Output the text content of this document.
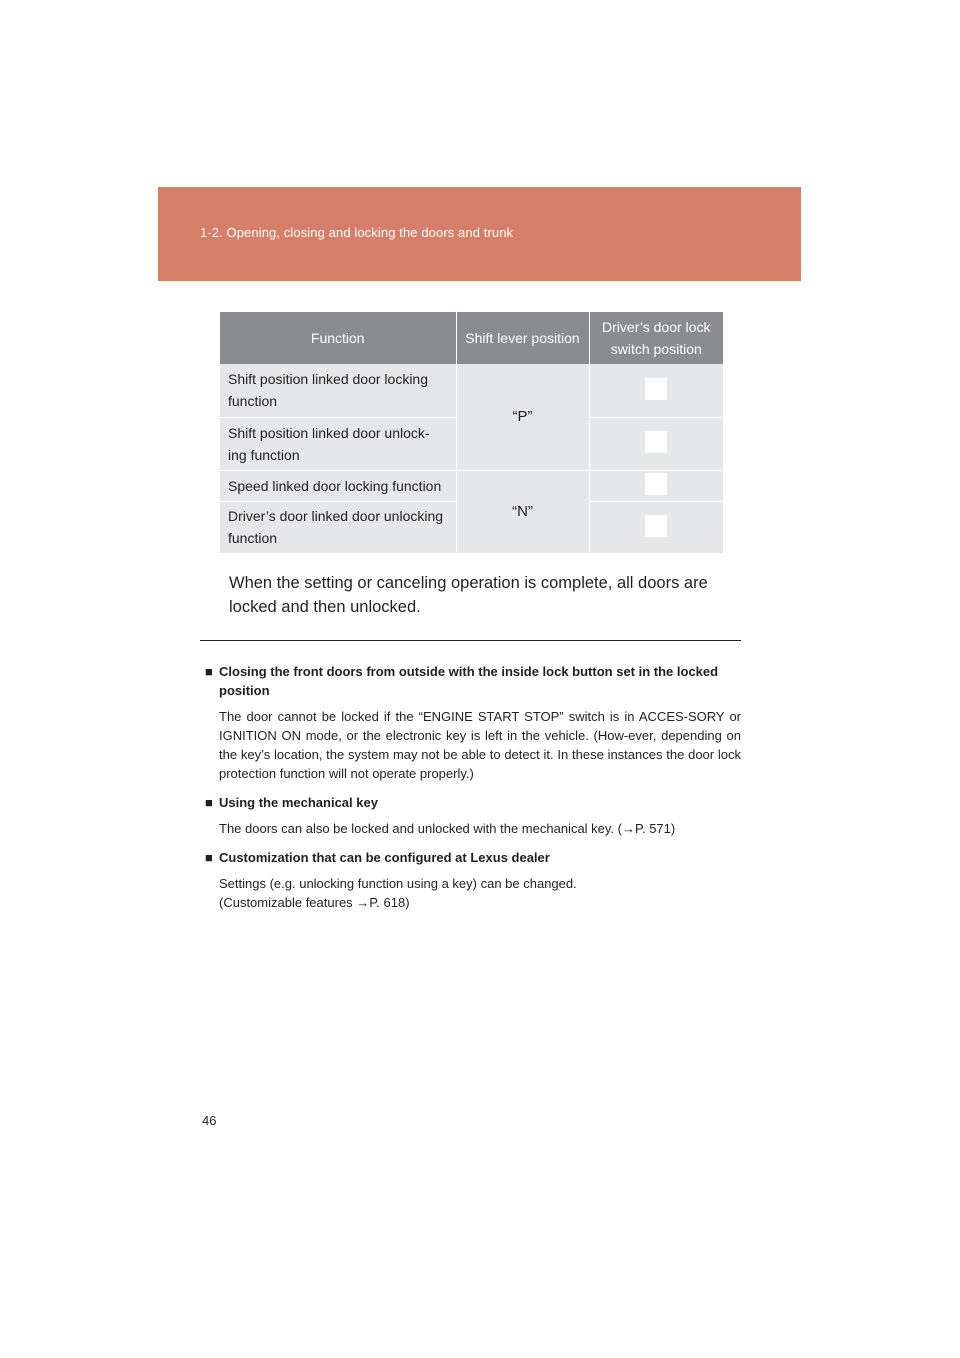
1-2. Opening, closing and locking the doors and trunk
Function	Shift lever position	Driver’s door lock switch position
Shift position linked door locking function	“P”	
Shift position linked door unlock-ing function		
Speed linked door locking function	“N”	
Driver’s door linked door unlocking function		
When the setting or canceling operation is complete, all doors are locked and then unlocked.
■ Closing the front doors from outside with the inside lock button set in the locked position
The door cannot be locked if the “ENGINE START STOP” switch is in ACCES-SORY or IGNITION ON mode, or the electronic key is left in the vehicle. (How-ever, depending on the key’s location, the system may not be able to detect it. In these instances the door lock protection function will not operate properly.)
■ Using the mechanical key
The doors can also be locked and unlocked with the mechanical key. (→P. 571)
■ Customization that can be configured at Lexus dealer
Settings (e.g. unlocking function using a key) can be changed.
(Customizable features →P. 618)
46
